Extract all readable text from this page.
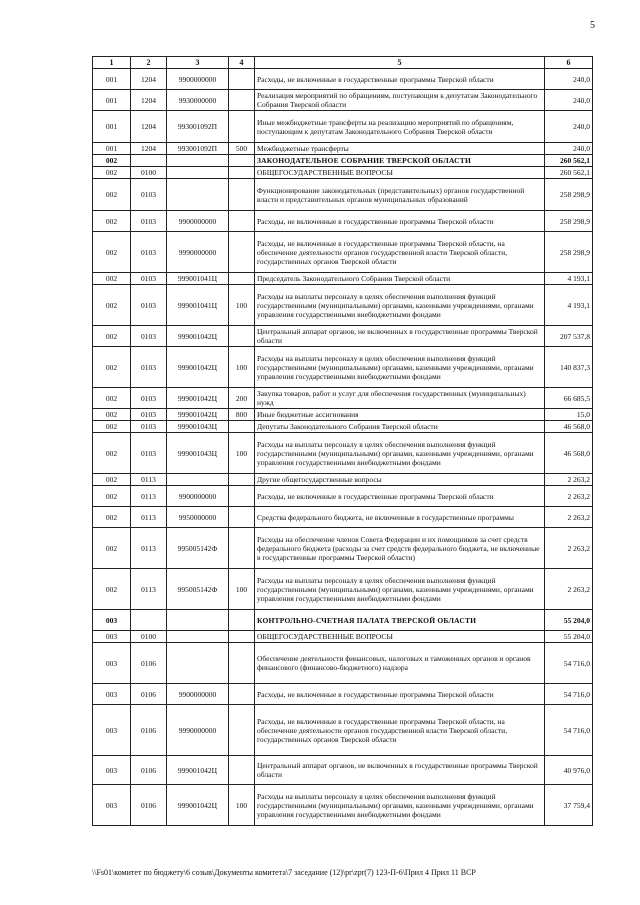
5
1	2	3	4	5	6
001	1204	9900000000		Расходы, не включенные в государственные программы Тверской области	240,0
001	1204	9930000000		Реализация мероприятий по обращениям, поступающим к депутатам Законодательного Собрания Тверской области	240,0
001	1204	993001092П		Иные межбюджетные трансферты на реализацию мероприятий по обращениям, поступающим к депутатам Законодательного Собрания Тверской области	240,0
001	1204	993001092П	500	Межбюджетные трансферты	240,0
002				ЗАКОНОДАТЕЛЬНОЕ СОБРАНИЕ ТВЕРСКОЙ ОБЛАСТИ	260 562,1
002	0100			ОБЩЕГОСУДАРСТВЕННЫЕ ВОПРОСЫ	260 562,1
002	0103			Функционирование законодательных (представительных) органов государственной власти и представительных органов муниципальных образований	258 298,9
002	0103	9900000000		Расходы, не включенные в государственные программы Тверской области	258 298,9
002	0103	9990000000		Расходы, не включенные в государственные программы Тверской области, на обеспечение деятельности органов государственной власти Тверской области, государственных органов Тверской области	258 298,9
002	0103	999001041Ц		Председатель Законодательного Собрания Тверской области	4 193,1
002	0103	999001041Ц	100	Расходы на выплаты персоналу в целях обеспечения выполнения функций государственными (муниципальными) органами, казенными учреждениями, органами управления государственными внебюджетными фондами	4 193,1
002	0103	999001042Ц		Центральный аппарат органов, не включенных в государственные программы Тверской области	207 537,8
002	0103	999001042Ц	100	Расходы на выплаты персоналу в целях обеспечения выполнения функций государственными (муниципальными) органами, казенными учреждениями, органами управления государственными внебюджетными фондами	140 837,3
002	0103	999001042Ц	200	Закупка товаров, работ и услуг для обеспечения государственных (муниципальных) нужд	66 685,5
002	0103	999001042Ц	800	Иные бюджетные ассигнования	15,0
002	0103	999001043Ц		Депутаты Законодательного Собрания Тверской области	46 568,0
002	0103	999001043Ц	100	Расходы на выплаты персоналу в целях обеспечения выполнения функций государственными (муниципальными) органами, казенными учреждениями, органами управления государственными внебюджетными фондами	46 568,0
002	0113			Другие общегосударственные вопросы	2 263,2
002	0113	9900000000		Расходы, не включенные в государственные программы Тверской области	2 263,2
002	0113	9950000000		Средства федерального бюджета, не включенные в государственные программы	2 263,2
002	0113	995005142Ф		Расходы на обеспечение членов Совета Федерации и их помощников за счет средств федерального бюджета (расходы за счет средств федерального бюджета, не включенные в государственные программы Тверской области)	2 263,2
002	0113	995005142Ф	100	Расходы на выплаты персоналу в целях обеспечения выполнения функций государственными (муниципальными) органами, казенными учреждениями, органами управления государственными внебюджетными фондами	2 263,2
003				КОНТРОЛЬНО-СЧЕТНАЯ ПАЛАТА ТВЕРСКОЙ ОБЛАСТИ	55 204,0
003	0100			ОБЩЕГОСУДАРСТВЕННЫЕ ВОПРОСЫ	55 204,0
003	0106			Обеспечение деятельности финансовых, налоговых и таможенных органов и органов финансового (финансово-бюджетного) надзора	54 716,0
003	0106	9900000000		Расходы, не включенные в государственные программы Тверской области	54 716,0
003	0106	9990000000		Расходы, не включенные в государственные программы Тверской области, на обеспечение деятельности органов государственной власти Тверской области, государственных органов Тверской области	54 716,0
003	0106	999001042Ц		Центральный аппарат органов, не включенных в государственные программы Тверской области	40 976,0
003	0106	999001042Ц	100	Расходы на выплаты персоналу в целях обеспечения выполнения функций государственными (муниципальными) органами, казенными учреждениями, органами управления государственными внебюджетными фондами	37 759,4
\\Fs01\комитет по бюджету\6 созыв\Документы комитета\7 заседание (12)\pr\zpr(7) 123-П-6\Прил 4 Прил 11 ВСР
